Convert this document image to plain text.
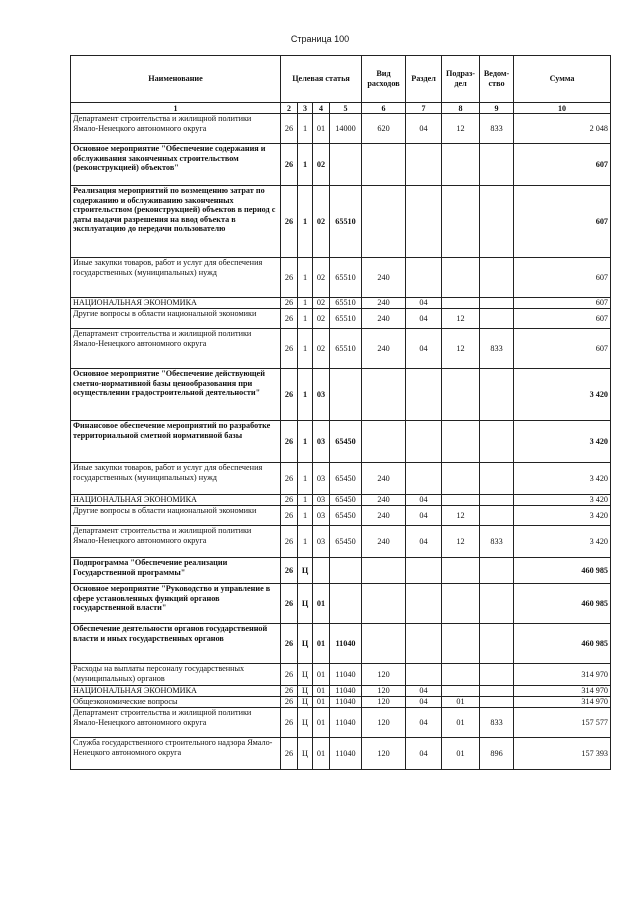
Страница 100
Наименование	Целевая статья				Вид расходов	Раздел	Подраз-дел	Ведом-ство	Сумма
1	2	3	4	5	6	7	8	9	10
Департамент строительства и жилищной политики Ямало-Ненецкого автономного округа	26	1	01	14000	620	04	12	833	2 048
Основное мероприятие "Обеспечение содержания и обслуживания законченных строительством (реконструкцией) объектов"	26	1	02						607
Реализация мероприятий по возмещению затрат по содержанию и обслуживанию законченных строительством (реконструкцией) объектов в период с даты выдачи разрешения на ввод объекта в эксплуатацию до передачи пользователю	26	1	02	65510					607
Иные закупки товаров, работ и услуг для обеспечения государственных (муниципальных) нужд	26	1	02	65510	240				607
НАЦИОНАЛЬНАЯ ЭКОНОМИКА	26	1	02	65510	240	04			607
Другие вопросы в области национальной экономики	26	1	02	65510	240	04	12		607
Департамент строительства и жилищной политики Ямало-Ненецкого автономного округа	26	1	02	65510	240	04	12	833	607
Основное мероприятие "Обеспечение действующей сметно-нормативной базы ценообразования при осуществлении градостроительной деятельности"	26	1	03						3 420
Финансовое обеспечение мероприятий по разработке территориальной сметной нормативной базы	26	1	03	65450					3 420
Иные закупки товаров, работ и услуг для обеспечения государственных (муниципальных) нужд	26	1	03	65450	240				3 420
НАЦИОНАЛЬНАЯ ЭКОНОМИКА	26	1	03	65450	240	04			3 420
Другие вопросы в области национальной экономики	26	1	03	65450	240	04	12		3 420
Департамент строительства и жилищной политики Ямало-Ненецкого автономного округа	26	1	03	65450	240	04	12	833	3 420
Подпрограмма "Обеспечение реализации Государственной программы"	26	Ц							460 985
Основное мероприятие "Руководство и управление в сфере установленных функций органов государственной власти"	26	Ц	01						460 985
Обеспечение деятельности органов государственной власти и иных государственных органов	26	Ц	01	11040					460 985
Расходы на выплаты персоналу государственных (муниципальных) органов	26	Ц	01	11040	120				314 970
НАЦИОНАЛЬНАЯ ЭКОНОМИКА	26	Ц	01	11040	120	04			314 970
Общеэкономические вопросы	26	Ц	01	11040	120	04	01		314 970
Департамент строительства и жилищной политики Ямало-Ненецкого автономного округа	26	Ц	01	11040	120	04	01	833	157 577
Служба государственного строительного надзора Ямало-Ненецкого автономного округа	26	Ц	01	11040	120	04	01	896	157 393
